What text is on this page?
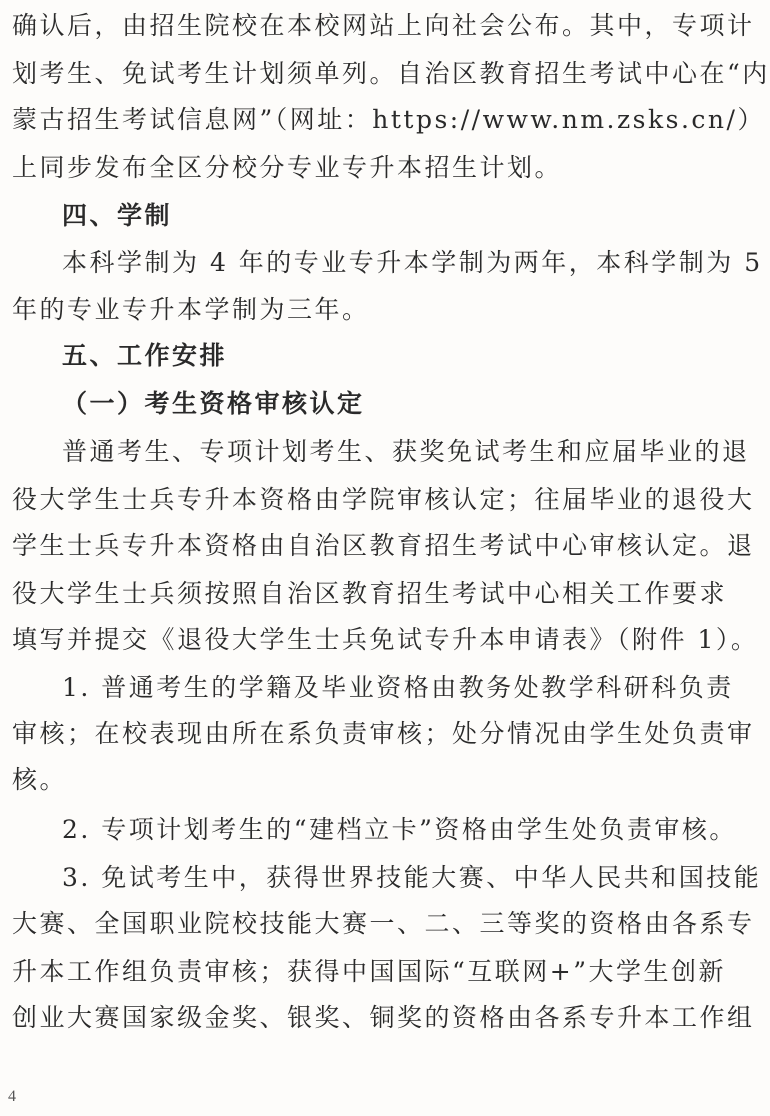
确认后，由招生院校在本校网站上向社会公布。其中，专项计
划考生、免试考生计划须单列。自治区教育招生考试中心在“内
蒙古招生考试信息网”（网址：https://www.nm.zsks.cn/）
上同步发布全区分校分专业专升本招生计划。
四、学制
本科学制为 4 年的专业专升本学制为两年，本科学制为 5
年的专业专升本学制为三年。
五、工作安排
（一）考生资格审核认定
普通考生、专项计划考生、获奖免试考生和应届毕业的退
役大学生士兵专升本资格由学院审核认定；往届毕业的退役大
学生士兵专升本资格由自治区教育招生考试中心审核认定。退
役大学生士兵须按照自治区教育招生考试中心相关工作要求
填写并提交《退役大学生士兵免试专升本申请表》（附件 1）。
1. 普通考生的学籍及毕业资格由教务处教学科研科负责
审核；在校表现由所在系负责审核；处分情况由学生处负责审
核。
2. 专项计划考生的“建档立卡”资格由学生处负责审核。
3. 免试考生中，获得世界技能大赛、中华人民共和国技能
大赛、全国职业院校技能大赛一、二、三等奖的资格由各系专
升本工作组负责审核；获得中国国际“互联网+”大学生创新
创业大赛国家级金奖、银奖、铜奖的资格由各系专升本工作组
4
